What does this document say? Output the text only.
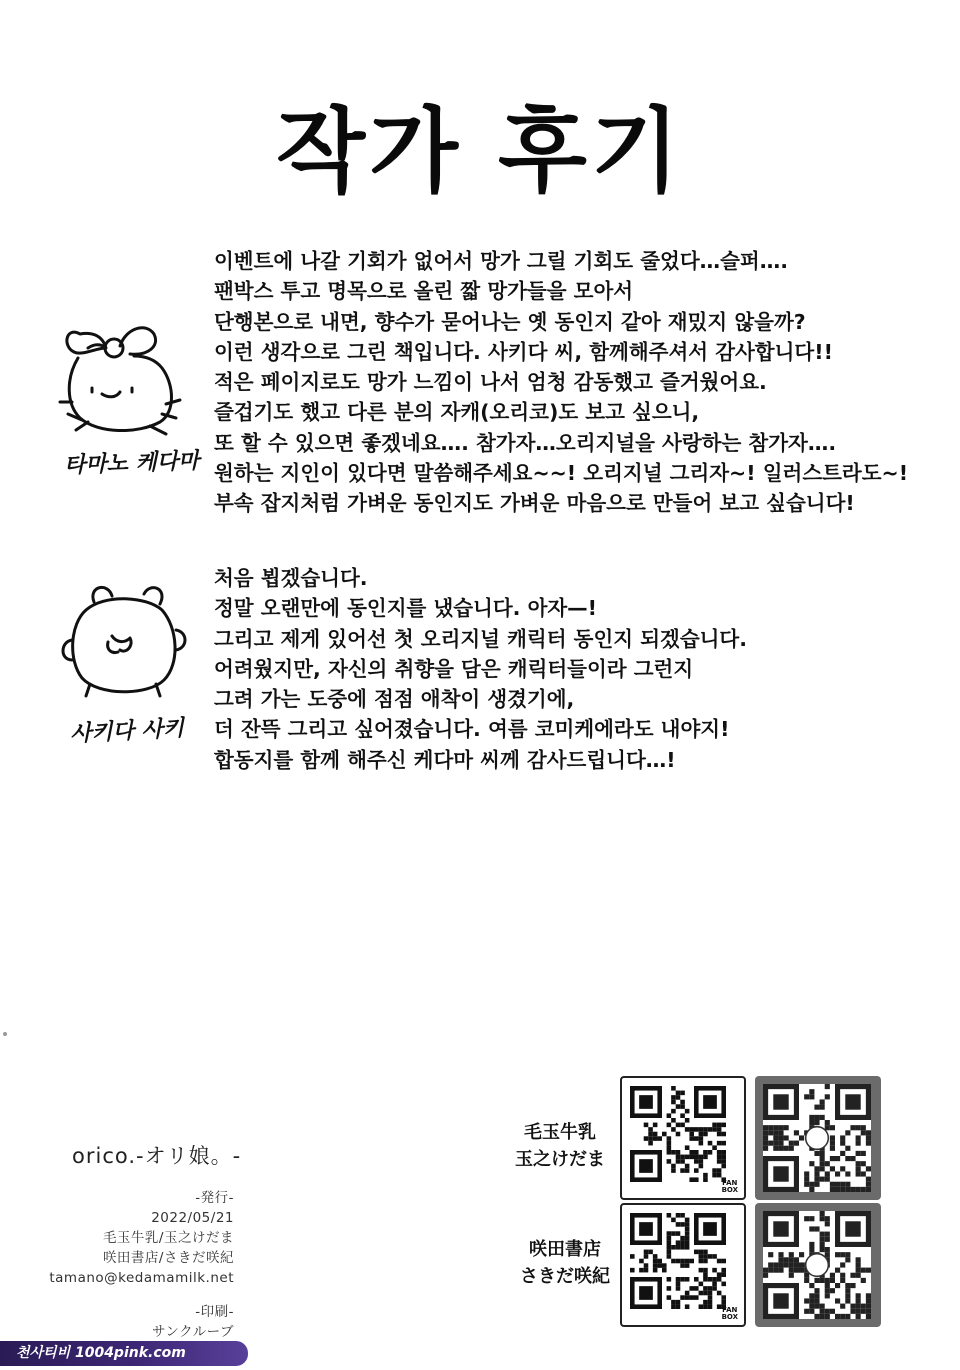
작가 후기
타마노 케다마
이벤트에 나갈 기회가 없어서 망가 그릴 기회도 줄었다…슬퍼….
팬박스 투고 명목으로 올린 짧 망가들을 모아서
단행본으로 내면, 향수가 묻어나는 옛 동인지 같아 재밌지 않을까?
이런 생각으로 그린 책입니다. 사키다 씨, 함께해주셔서 감사합니다!!
적은 페이지로도 망가 느낌이 나서 엄청 감동했고 즐거웠어요.
즐겁기도 했고 다른 분의 자캐(오리코)도 보고 싶으니,
또 할 수 있으면 좋겠네요…. 참가자…오리지널을 사랑하는 참가자….
원하는 지인이 있다면 말씀해주세요~~! 오리지널 그리자~! 일러스트라도~!
부속 잡지처럼 가벼운 동인지도 가벼운 마음으로 만들어 보고 싶습니다!
사키다 사키
처음 뵙겠습니다.
정말 오랜만에 동인지를 냈습니다. 아자—!
그리고 제게 있어선 첫 오리지널 캐릭터 동인지 되겠습니다.
어려웠지만, 자신의 취향을 담은 캐릭터들이라 그런지
그려 가는 도중에 점점 애착이 생겼기에,
더 잔뜩 그리고 싶어졌습니다. 여름 코미케에라도 내야지!
합동지를 함께 해주신 케다마 씨께 감사드립니다…!
orico.-オリ娘。-
-発行-
2022/05/21
毛玉牛乳/玉之けだま
咲田書店/さきだ咲紀
tamano@kedamamilk.net
-印刷-
サンクルーブ
毛玉牛乳
玉之けだま
咲田書店
さきだ咲紀
FAN
BOX
FAN
BOX
천사티비 1004pink.com
